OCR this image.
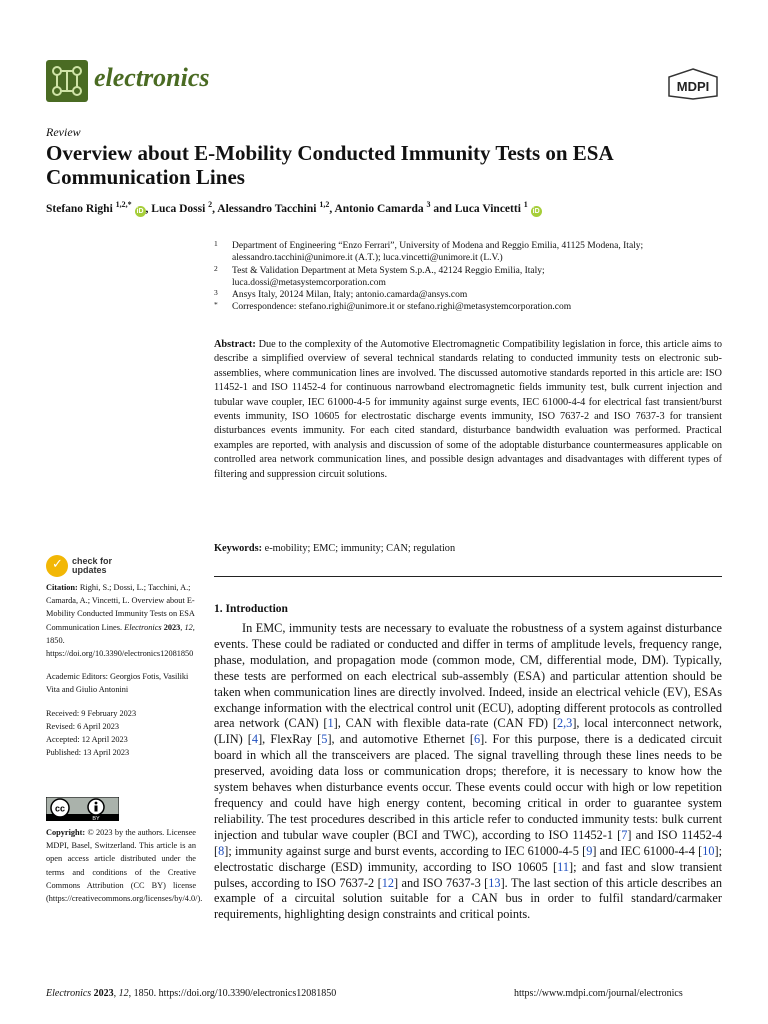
electronics	MDPI
Review
Overview about E-Mobility Conducted Immunity Tests on ESA
Communication Lines
Stefano Righi $^{1,2,*}$ iD , Luca Dossi $^2$, Alessandro Tacchini $^{1,2}$, Antonio Camarda $^3$ and Luca Vincetti $^1$ iD
1 Department of Engineering “Enzo Ferrari”, University of Modena and Reggio Emilia, 41125 Modena, Italy;
alessandro.tacchini@unimore.it (A.T.); luca.vincetti@unimore.it (L.V.)
2 Test & Validation Department at Meta System S.p.A., 42124 Reggio Emilia, Italy;
luca.dossi@metasystemcorporation.com
3 Ansys Italy, 20124 Milan, Italy; antonio.camarda@ansys.com
* Correspondence: stefano.righi@unimore.it or stefano.righi@metasystemcorporation.com
Abstract: Due to the complexity of the Automotive Electromagnetic Compatibility legislation in force, this article aims to describe a simplified overview of several technical standards relating to conducted immunity tests on electronic sub-assemblies, where communication lines are involved. The discussed automotive standards reported in this article are: ISO 11452-1 and ISO 11452-4 for continuous narrowband electromagnetic fields immunity test, bulk current injection and tubular wave coupler, IEC 61000-4-5 for immunity against surge events, IEC 61000-4-4 for electrical fast transient/burst events immunity, ISO 10605 for electrostatic discharge events immunity, ISO 7637-2 and ISO 7637-3 for transient disturbances events immunity. For each cited standard, disturbance bandwidth evaluation was performed. Practical examples are reported, with analysis and discussion of some of the adoptable disturbance countermeasures applicable on controlled area network communication lines, and possible design advantages and disadvantages with different types of filtering and suppression circuit solutions.
Keywords: e-mobility; EMC; immunity; CAN; regulation
1. Introduction

In EMC, immunity tests are necessary to evaluate the robustness of a system against disturbance events. These could be radiated or conducted and differ in terms of amplitude levels, frequency range, phase, modulation, and propagation mode (common mode, CM, differential mode, DM). Typically, these tests are performed on each electrical sub-assembly (ESA) and particular attention should be taken when communication lines are directly involved. Indeed, inside an electrical vehicle (EV), ESAs exchange information with the electrical control unit (ECU), adopting different protocols as controlled area network (CAN) [1], CAN with flexible data-rate (CAN FD) [2,3], local interconnect network, (LIN) [4], FlexRay [5], and automotive Ethernet [6]. For this purpose, there is a dedicated circuit board in which all the transceivers are placed. The signal travelling through these lines needs to be preserved, avoiding data loss or communication drops; therefore, it is necessary to know how the system behaves when disturbance events occur. These events could occur with high or low repetition frequency and could have high energy content, becoming critical in order to guarantee system reliability. The test procedures described in this article refer to conducted immunity tests: bulk current injection and tubular wave coupler (BCI and TWC), according to ISO 11452-1 [7] and ISO 11452-4 [8]; immunity against surge and burst events, according to IEC 61000-4-5 [9] and IEC 61000-4-4 [10]; electrostatic discharge (ESD) immunity, according to ISO 10605 [11]; and fast and slow transient pulses, according to ISO 7637-2 [12] and ISO 7637-3 [13]. The last section of this article describes an example of a circuital solution suitable for a CAN bus in order to fulfil standard/carmaker requirements, highlighting design constraints and critical points.

✓ check for
updates
Citation: Righi, S.; Dossi, L.; Tacchini, A.; Camarda, A.; Vincetti, L. Overview about E-Mobility Conducted Immunity Tests on ESA Communication Lines. Electronics 2023, 12, 1850. https://doi.org/10.3390/electronics12081850
Academic Editors: Georgios Fotis, Vasiliki Vita and Giulio Antonini
Received: 9 February 2023
Revised: 6 April 2023
Accepted: 12 April 2023
Published: 13 April 2023
cc
BY
Copyright: © 2023 by the authors. Licensee MDPI, Basel, Switzerland. This article is an open access article distributed under the terms and conditions of the Creative Commons Attribution (CC BY) license (https://creativecommons.org/licenses/by/4.0/).
Electronics 2023, 12, 1850. https://doi.org/10.3390/electronics12081850	https://www.mdpi.com/journal/electronics
